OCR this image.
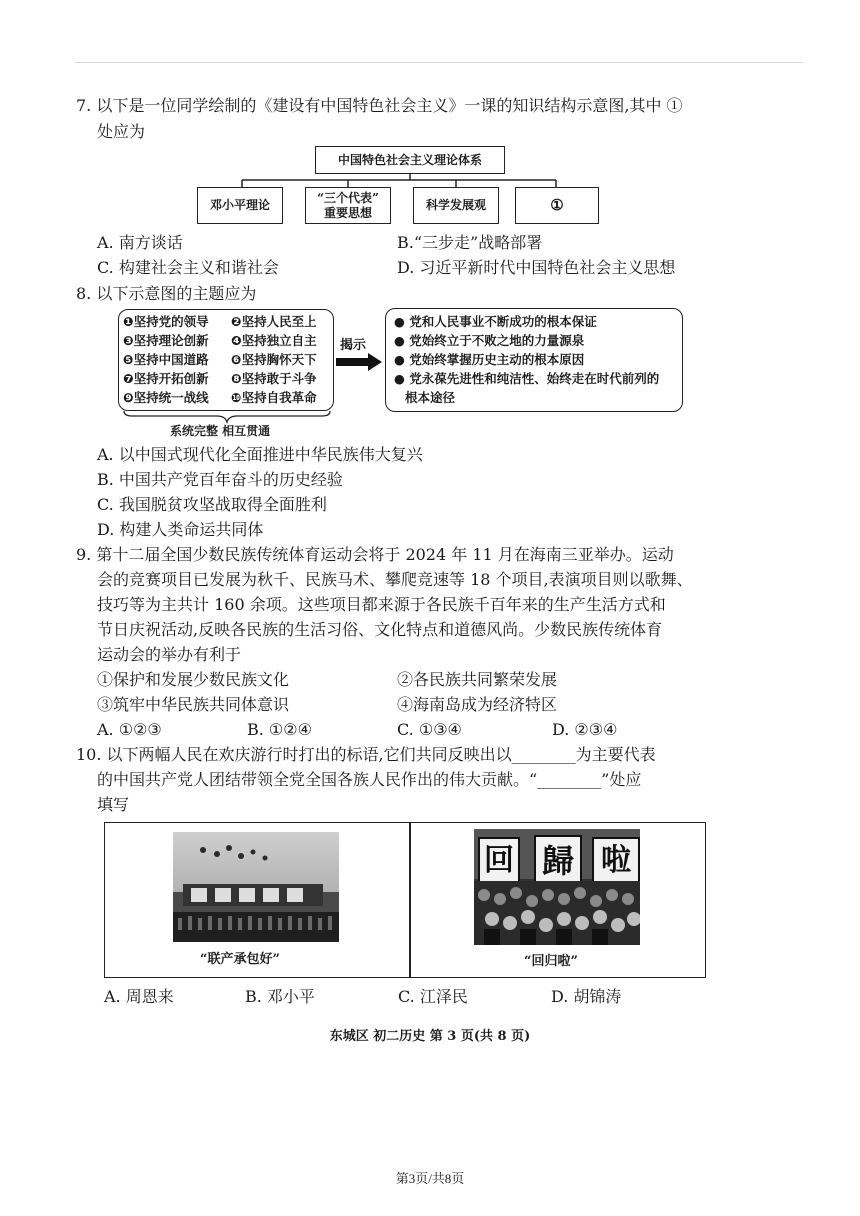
7. 以下是一位同学绘制的《建设有中国特色社会主义》一课的知识结构示意图,其中 ①
处应为
中国特色社会主义理论体系
邓小平理论
“三个代表”
重要思想
科学发展观	①
A. 南方谈话	B.“三步走”战略部署
C. 构建社会主义和谐社会	D. 习近平新时代中国特色社会主义思想
8. 以下示意图的主题应为
❶坚持党的领导 ❷坚持人民至上
❸坚持理论创新 ❹坚持独立自主
❺坚持中国道路 ❻坚持胸怀天下
❼坚持开拓创新 ❽坚持敢于斗争
❾坚持统一战线 ❿坚持自我革命
系统完整 相互贯通
揭示
● 党和人民事业不断成功的根本保证
● 党始终立于不败之地的力量源泉
● 党始终掌握历史主动的根本原因
● 党永葆先进性和纯洁性、始终走在时代前列的
根本途径
A. 以中国式现代化全面推进中华民族伟大复兴
B. 中国共产党百年奋斗的历史经验
C. 我国脱贫攻坚战取得全面胜利
D. 构建人类命运共同体
9. 第十二届全国少数民族传统体育运动会将于 2024 年 11 月在海南三亚举办。运动
会的竞赛项目已发展为秋千、民族马术、攀爬竞速等 18 个项目,表演项目则以歌舞、
技巧等为主共计 160 余项。这些项目都来源于各民族千百年来的生产生活方式和
节日庆祝活动,反映各民族的生活习俗、文化特点和道德风尚。少数民族传统体育
运动会的举办有利于
①保护和发展少数民族文化	②各民族共同繁荣发展
③筑牢中华民族共同体意识	④海南岛成为经济特区
A. ①②③	B. ①②④	C. ①③④	D. ②③④
10. 以下两幅人民在欢庆游行时打出的标语,它们共同反映出以________为主要代表
的中国共产党人团结带领全党全国各族人民作出的伟大贡献。“________”处应
填写
“联产承包好”
回 歸 啦
“回归啦”
A. 周恩来	B. 邓小平	C. 江泽民	D. 胡锦涛
东城区 初二历史 第 3 页(共 8 页)
第3页/共8页
